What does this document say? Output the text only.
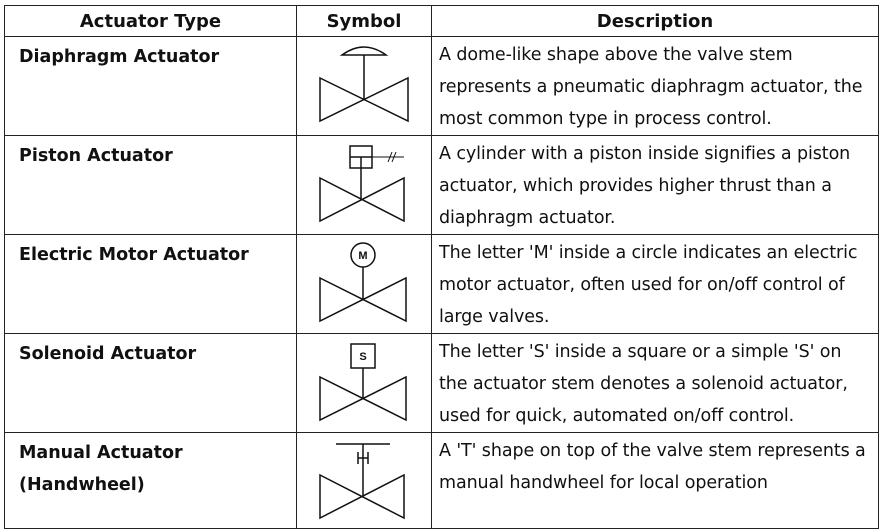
Actuator Type	Symbol	Description
Diaphragm Actuator		A dome-like shape above the valve stem represents a pneumatic diaphragm actuator, the most common type in process control.
Piston Actuator		A cylinder with a piston inside signifies a piston actuator, which provides higher thrust than a diaphragm actuator.
Electric Motor Actuator	M	The letter 'M' inside a circle indicates an electric motor actuator, often used for on/off control of large valves.
Solenoid Actuator	S	The letter 'S' inside a square or a simple 'S' on the actuator stem denotes a solenoid actuator, used for quick, automated on/off control.
Manual Actuator (Handwheel)		A 'T' shape on top of the valve stem represents a manual handwheel for local operation
